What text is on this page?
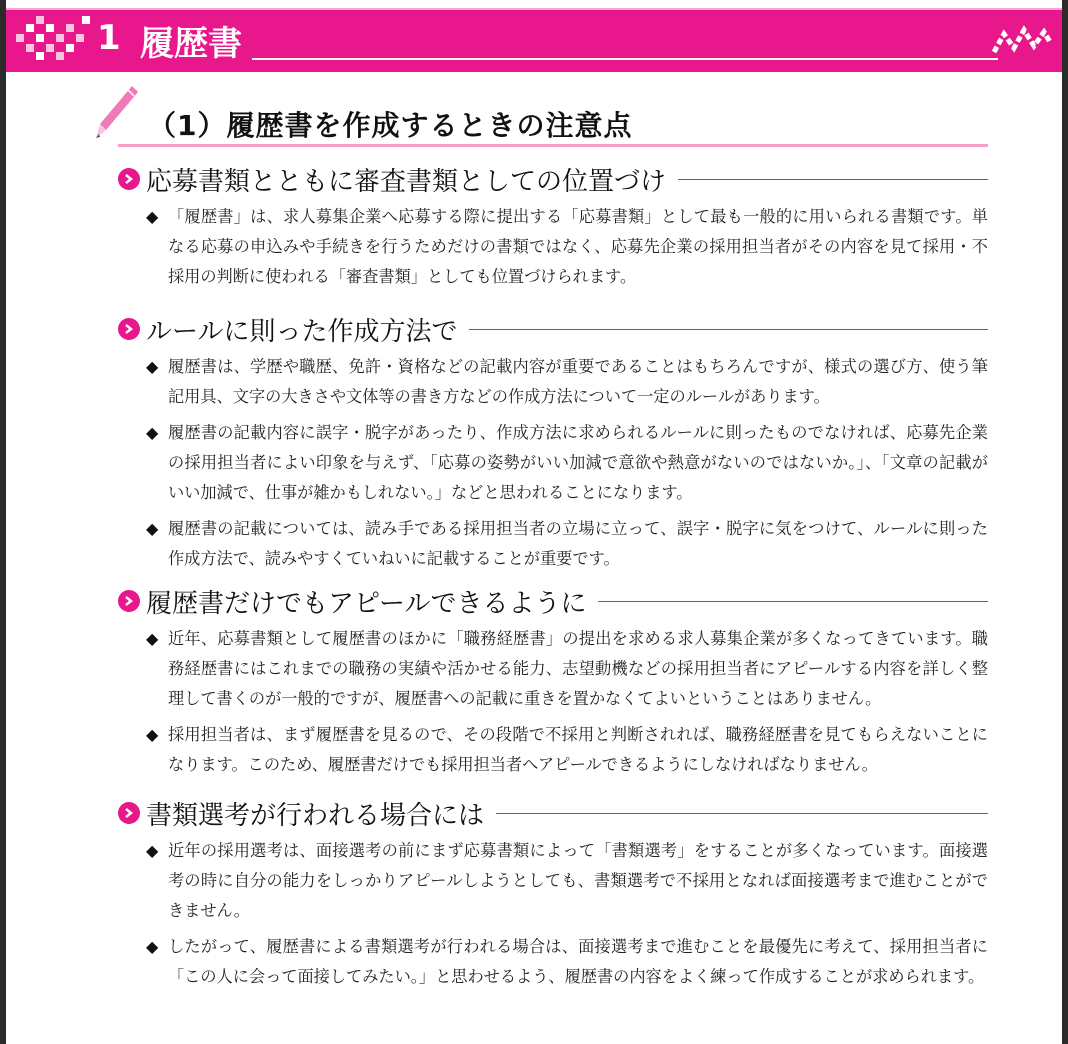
1 履歴書
（1）履歴書を作成するときの注意点
応募書類とともに審査書類としての位置づけ
◆ 「履歴書」は、求人募集企業へ応募する際に提出する「応募書類」として最も一般的に用いられる書類です。単なる応募の申込みや手続きを行うためだけの書類ではなく、応募先企業の採用担当者がその内容を見て採用・不採用の判断に使われる「審査書類」としても位置づけられます。
ルールに則った作成方法で
◆ 履歴書は、学歴や職歴、免許・資格などの記載内容が重要であることはもちろんですが、様式の選び方、使う筆記用具、文字の大きさや文体等の書き方などの作成方法について一定のルールがあります。
◆ 履歴書の記載内容に誤字・脱字があったり、作成方法に求められるルールに則ったものでなければ、応募先企業の採用担当者によい印象を与えず、「応募の姿勢がいい加減で意欲や熱意がないのではないか。」、「文章の記載がいい加減で、仕事が雑かもしれない。」などと思われることになります。
◆ 履歴書の記載については、読み手である採用担当者の立場に立って、誤字・脱字に気をつけて、ルールに則った作成方法で、読みやすくていねいに記載することが重要です。
履歴書だけでもアピールできるように
◆ 近年、応募書類として履歴書のほかに「職務経歴書」の提出を求める求人募集企業が多くなってきています。職務経歴書にはこれまでの職務の実績や活かせる能力、志望動機などの採用担当者にアピールする内容を詳しく整理して書くのが一般的ですが、履歴書への記載に重きを置かなくてよいということはありません。
◆ 採用担当者は、まず履歴書を見るので、その段階で不採用と判断されれば、職務経歴書を見てもらえないことになります。このため、履歴書だけでも採用担当者へアピールできるようにしなければなりません。
書類選考が行われる場合には
◆ 近年の採用選考は、面接選考の前にまず応募書類によって「書類選考」をすることが多くなっています。面接選考の時に自分の能力をしっかりアピールしようとしても、書類選考で不採用となれば面接選考まで進むことができません。
◆ したがって、履歴書による書類選考が行われる場合は、面接選考まで進むことを最優先に考えて、採用担当者に「この人に会って面接してみたい。」と思わせるよう、履歴書の内容をよく練って作成することが求められます。
